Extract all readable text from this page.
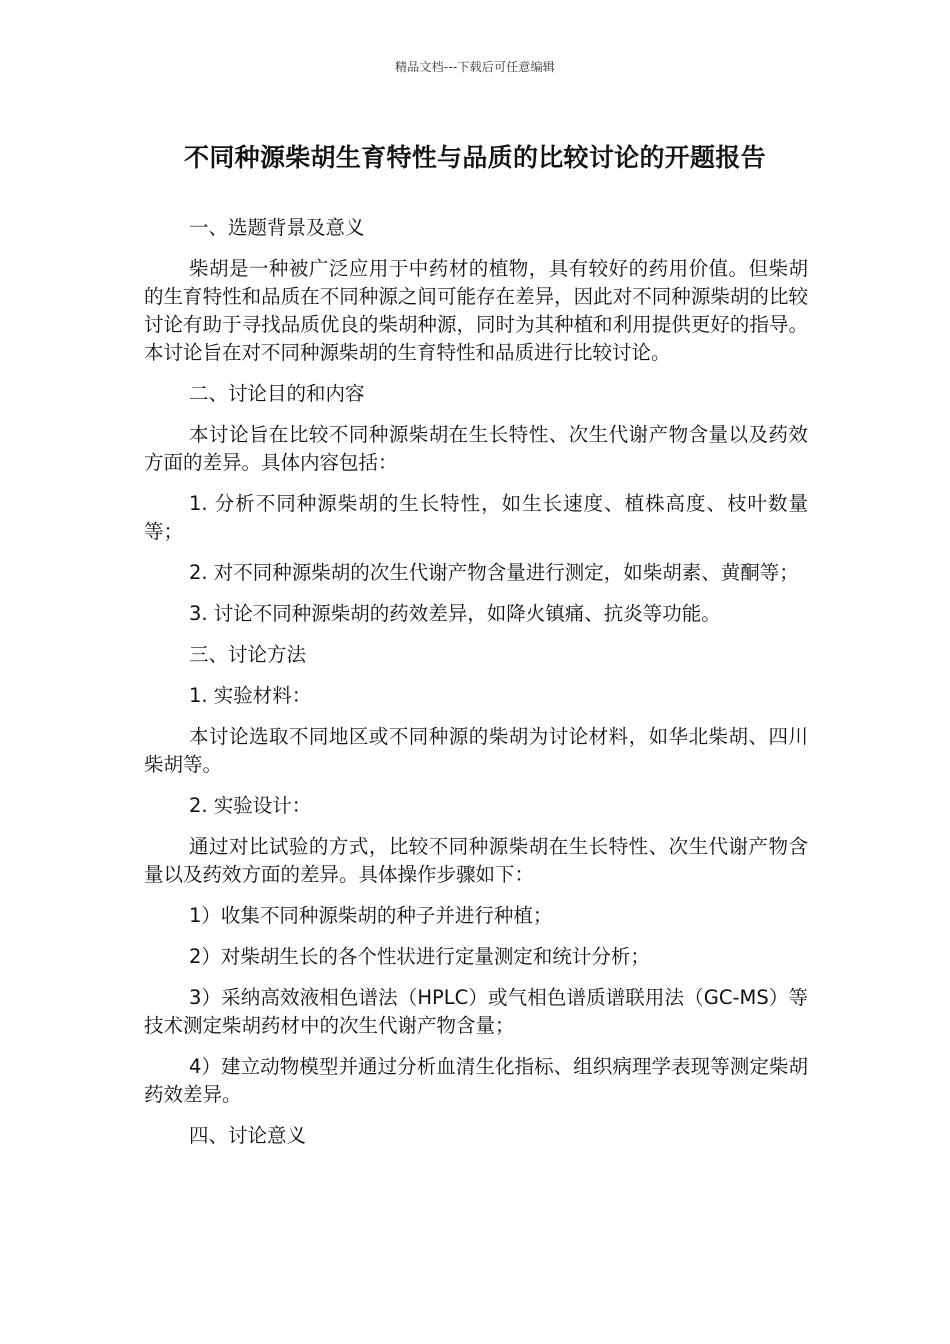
精品文档---下载后可任意编辑
不同种源柴胡生育特性与品质的比较讨论的开题报告

一、选题背景及意义

柴胡是一种被广泛应用于中药材的植物，具有较好的药用价值。但柴胡的生育特性和品质在不同种源之间可能存在差异，因此对不同种源柴胡的比较讨论有助于寻找品质优良的柴胡种源，同时为其种植和利用提供更好的指导。本讨论旨在对不同种源柴胡的生育特性和品质进行比较讨论。

二、讨论目的和内容

本讨论旨在比较不同种源柴胡在生长特性、次生代谢产物含量以及药效方面的差异。具体内容包括：

1. 分析不同种源柴胡的生长特性，如生长速度、植株高度、枝叶数量等；

2. 对不同种源柴胡的次生代谢产物含量进行测定，如柴胡素、黄酮等；

3. 讨论不同种源柴胡的药效差异，如降火镇痛、抗炎等功能。

三、讨论方法

1. 实验材料：

本讨论选取不同地区或不同种源的柴胡为讨论材料，如华北柴胡、四川柴胡等。

2. 实验设计：

通过对比试验的方式，比较不同种源柴胡在生长特性、次生代谢产物含量以及药效方面的差异。具体操作步骤如下：

1）收集不同种源柴胡的种子并进行种植；

2）对柴胡生长的各个性状进行定量测定和统计分析；

3）采纳高效液相色谱法（HPLC）或气相色谱质谱联用法（GC-MS）等技术测定柴胡药材中的次生代谢产物含量；

4）建立动物模型并通过分析血清生化指标、组织病理学表现等测定柴胡药效差异。

四、讨论意义
